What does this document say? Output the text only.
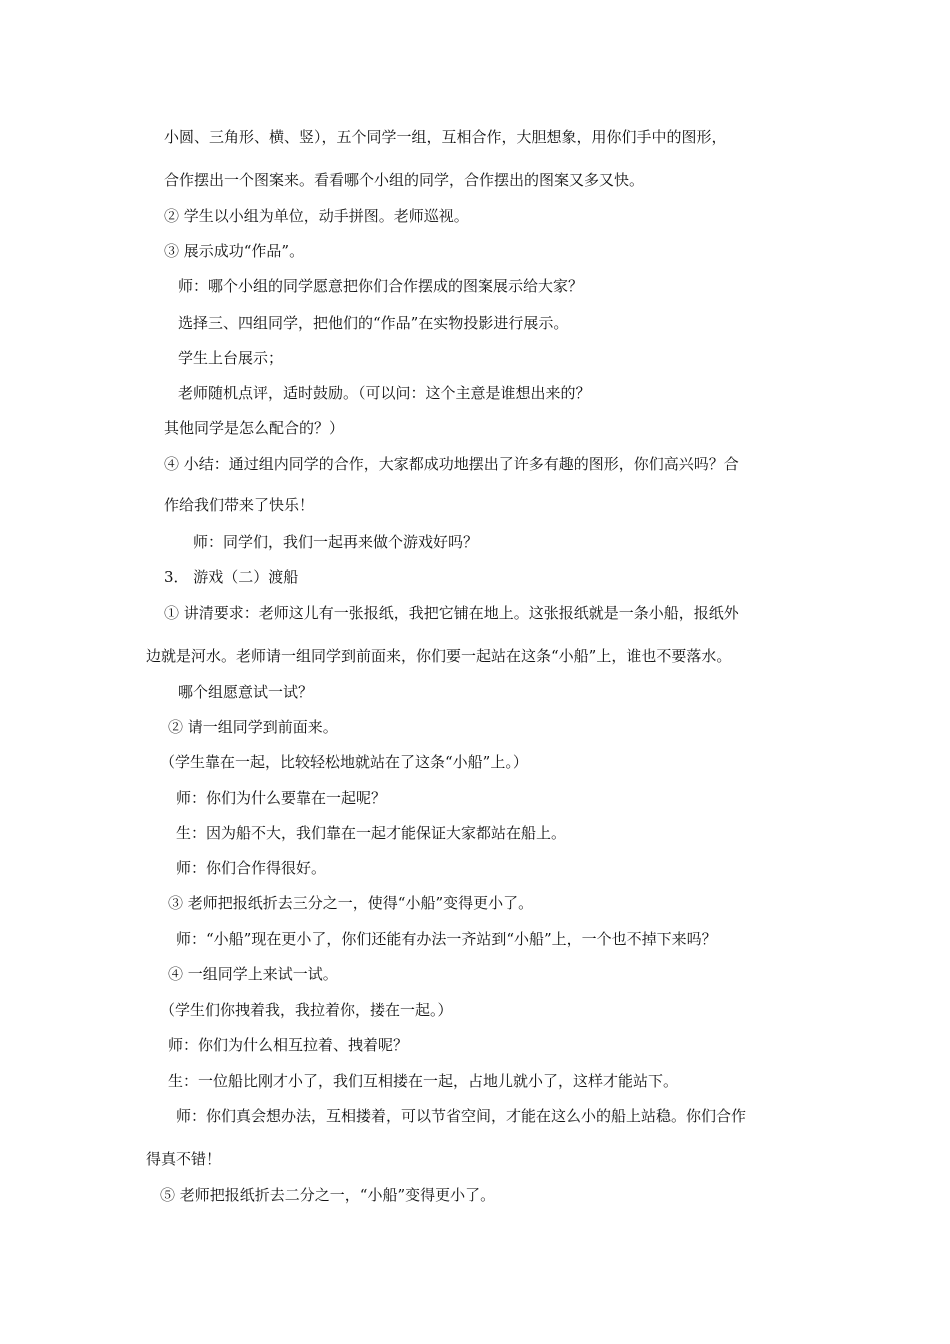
小圆、三角形、横、竖），五个同学一组，互相合作，大胆想象，用你们手中的图形，
合作摆出一个图案来。看看哪个小组的同学，合作摆出的图案又多又快。
② 学生以小组为单位，动手拼图。老师巡视。
③ 展示成功“作品”。
师：哪个小组的同学愿意把你们合作摆成的图案展示给大家？
选择三、四组同学，把他们的“作品”在实物投影进行展示。
学生上台展示；
老师随机点评，适时鼓励。（可以问：这个主意是谁想出来的？
其他同学是怎么配合的？）
④ 小结：通过组内同学的合作，大家都成功地摆出了许多有趣的图形，你们高兴吗？合
作给我们带来了快乐！
师：同学们，我们一起再来做个游戏好吗？
3． 游戏（二）渡船
① 讲清要求：老师这儿有一张报纸，我把它铺在地上。这张报纸就是一条小船，报纸外
边就是河水。老师请一组同学到前面来，你们要一起站在这条“小船”上，谁也不要落水。
哪个组愿意试一试？
② 请一组同学到前面来。
（学生靠在一起，比较轻松地就站在了这条“小船”上。）
师：你们为什么要靠在一起呢？
生：因为船不大，我们靠在一起才能保证大家都站在船上。
师：你们合作得很好。
③ 老师把报纸折去三分之一，使得“小船”变得更小了。
师：“小船”现在更小了，你们还能有办法一齐站到“小船”上，一个也不掉下来吗？
④ 一组同学上来试一试。
（学生们你拽着我，我拉着你，搂在一起。）
师：你们为什么相互拉着、拽着呢？
生：一位船比刚才小了，我们互相搂在一起，占地儿就小了，这样才能站下。
师：你们真会想办法，互相搂着，可以节省空间，才能在这么小的船上站稳。你们合作
得真不错！
⑤ 老师把报纸折去二分之一，“小船”变得更小了。
